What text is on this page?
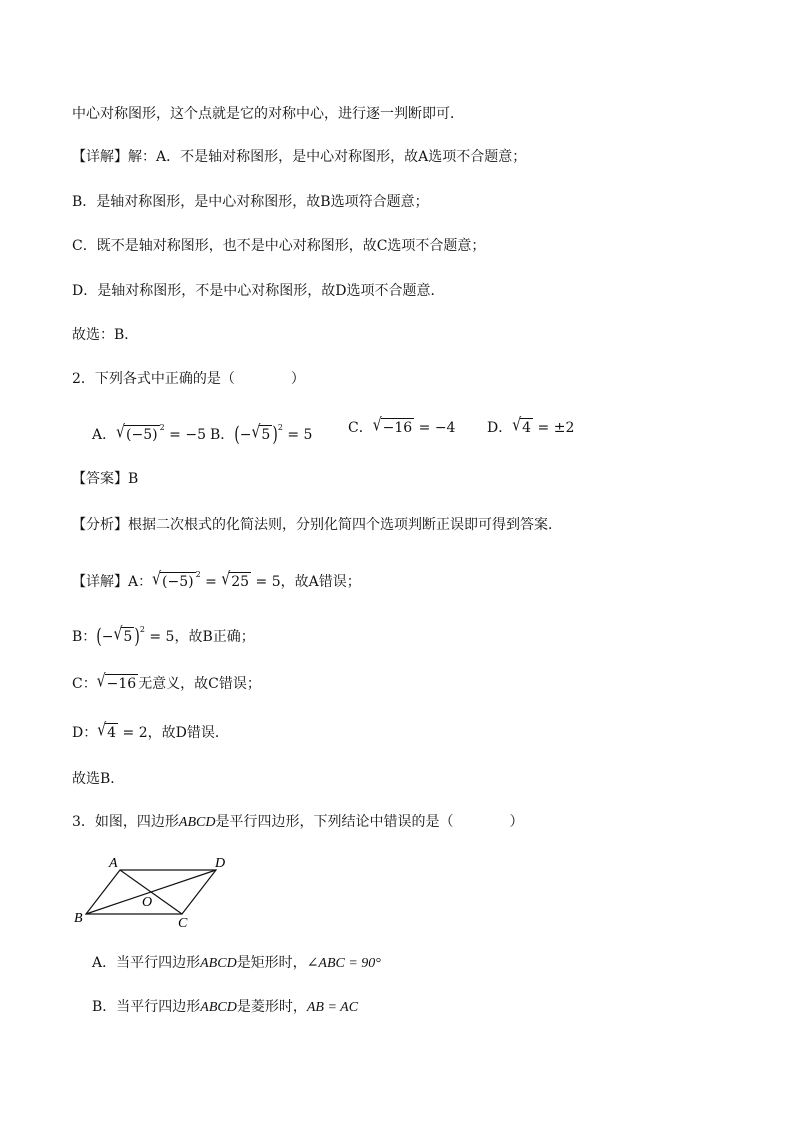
中心对称图形，这个点就是它的对称中心，进行逐一判断即可．
【详解】解：A．不是轴对称图形，是中心对称图形，故A选项不合题意；
B．是轴对称图形，是中心对称图形，故B选项符合题意；
C．既不是轴对称图形，也不是中心对称图形，故C选项不合题意；
D．是轴对称图形，不是中心对称图形，故D选项不合题意．
故选：B．
2．下列各式中正确的是（　　　　）
A．√(−5) $^2$ = −5 B．(−√5 )$^2$ = 5	C．√−16 = −4 D．√4 = ±2
【答案】B
【分析】根据二次根式的化简法则，分别化简四个选项判断正误即可得到答案．
【详解】A：√(−5) $^2$ = √25 = 5，故A错误；
B：(−√5 )$^2$ = 5，故B正确；
C：√−16 无意义，故C错误；
D：√4 = 2，故D错误．
故选B．
3．如图，四边形ABCD是平行四边形，下列结论中错误的是（　　　　）
A	D
B	C
O
A．当平行四边形ABCD是矩形时，∠ABC = 90°
B．当平行四边形ABCD是菱形时，AB = AC
